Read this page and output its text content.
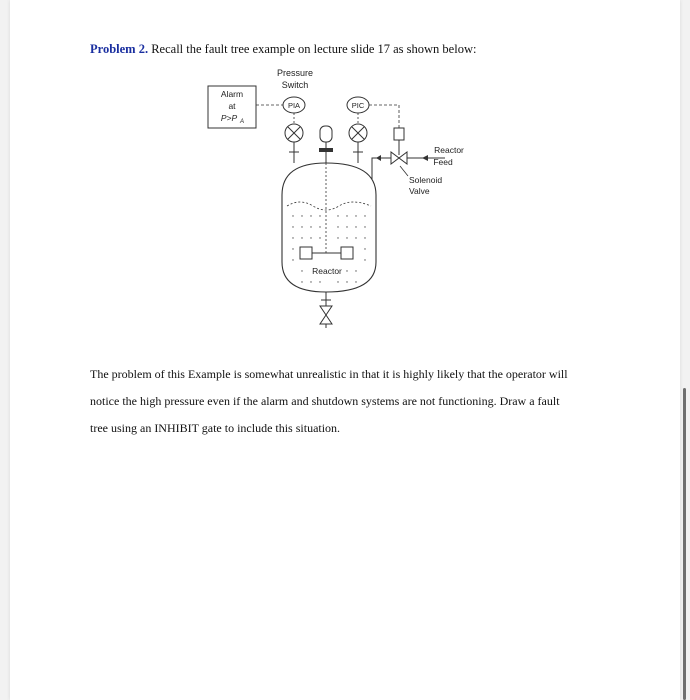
Problem 2. Recall the fault tree example on lecture slide 17 as shown below:

Pressure
Switch
Alarm
at
P>P A
PIA	PIC
Reactor
Feed
Solenoid
Valve
Reactor

The problem of this Example is somewhat unrealistic in that it is highly likely that the operator will

notice the high pressure even if the alarm and shutdown systems are not functioning. Draw a fault

tree using an INHIBIT gate to include this situation.
